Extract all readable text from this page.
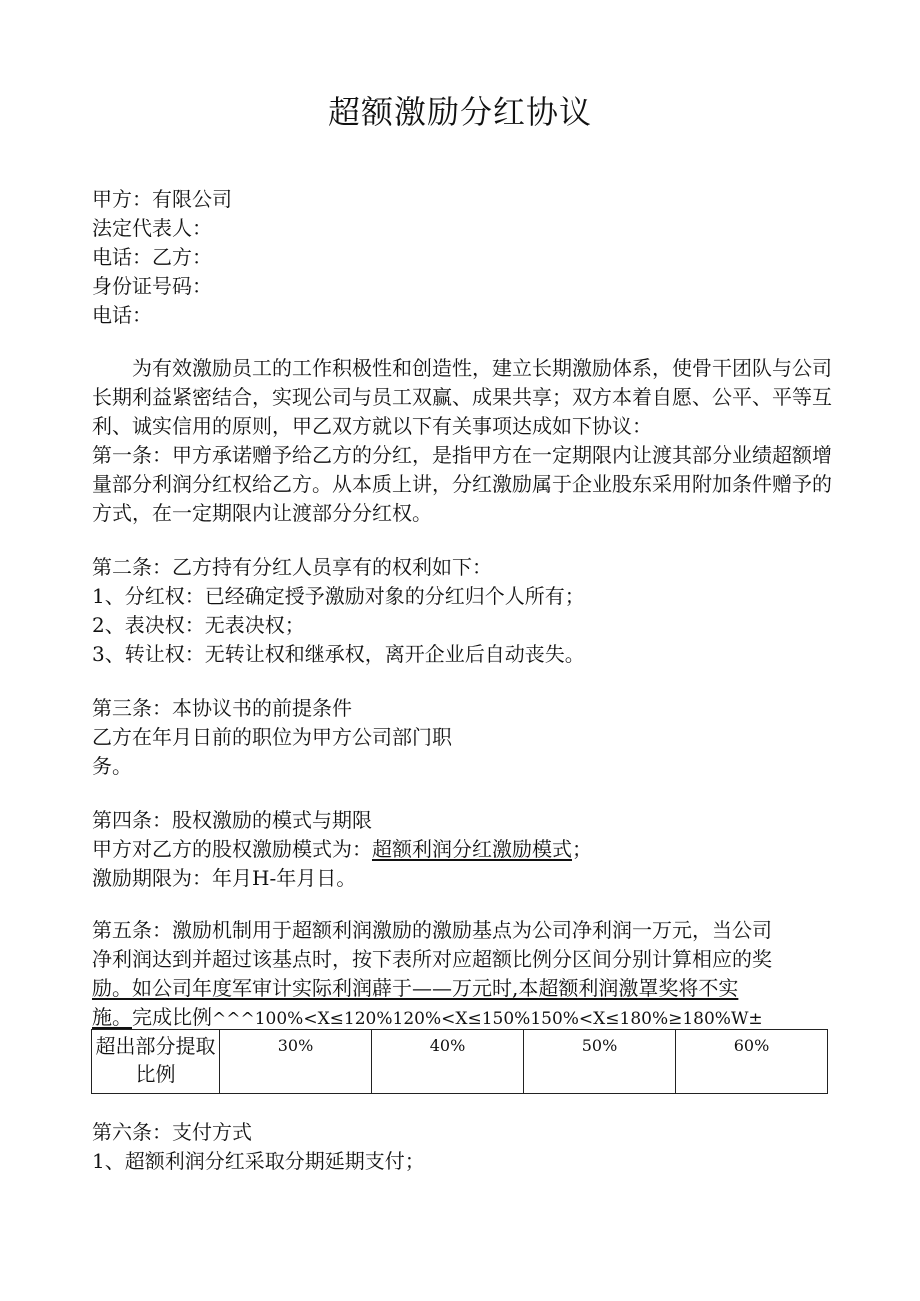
超额激励分红协议

甲方：有限公司

法定代表人：

电话：乙方：

身份证号码：

电话：

为有效激励员工的工作积极性和创造性，建立长期激励体系，使骨干团队与公司长期利益紧密结合，实现公司与员工双赢、成果共享；双方本着自愿、公平、平等互利、诚实信用的原则，甲乙双方就以下有关事项达成如下协议：

第一条：甲方承诺赠予给乙方的分红，是指甲方在一定期限内让渡其部分业绩超额增量部分利润分红权给乙方。从本质上讲，分红激励属于企业股东采用附加条件赠予的方式，在一定期限内让渡部分分红权。

第二条：乙方持有分红人员享有的权利如下：

1、分红权：已经确定授予激励对象的分红归个人所有；

2、表决权：无表决权；

3、转让权：无转让权和继承权，离开企业后自动丧失。

第三条：本协议书的前提条件

乙方在年月日前的职位为甲方公司部门职

务。

第四条：股权激励的模式与期限

甲方对乙方的股权激励模式为：超额利润分红激励模式；

激励期限为：年月H-年月日。

第五条：激励机制用于超额利润激励的激励基点为公司净利润一万元，当公司

净利润达到并超过该基点时，按下表所对应超额比例分区间分别计算相应的奖

励。如公司年度军审计实际利润薜于——万元时,本超额利润激罩奖将不实

施。完成比例^^^100%<X≤120%120%<X≤150%150%<X≤180%≥180%W±

超出部分提取比例	30%	40%	50%	60%

第六条：支付方式

1、超额利润分红采取分期延期支付；
